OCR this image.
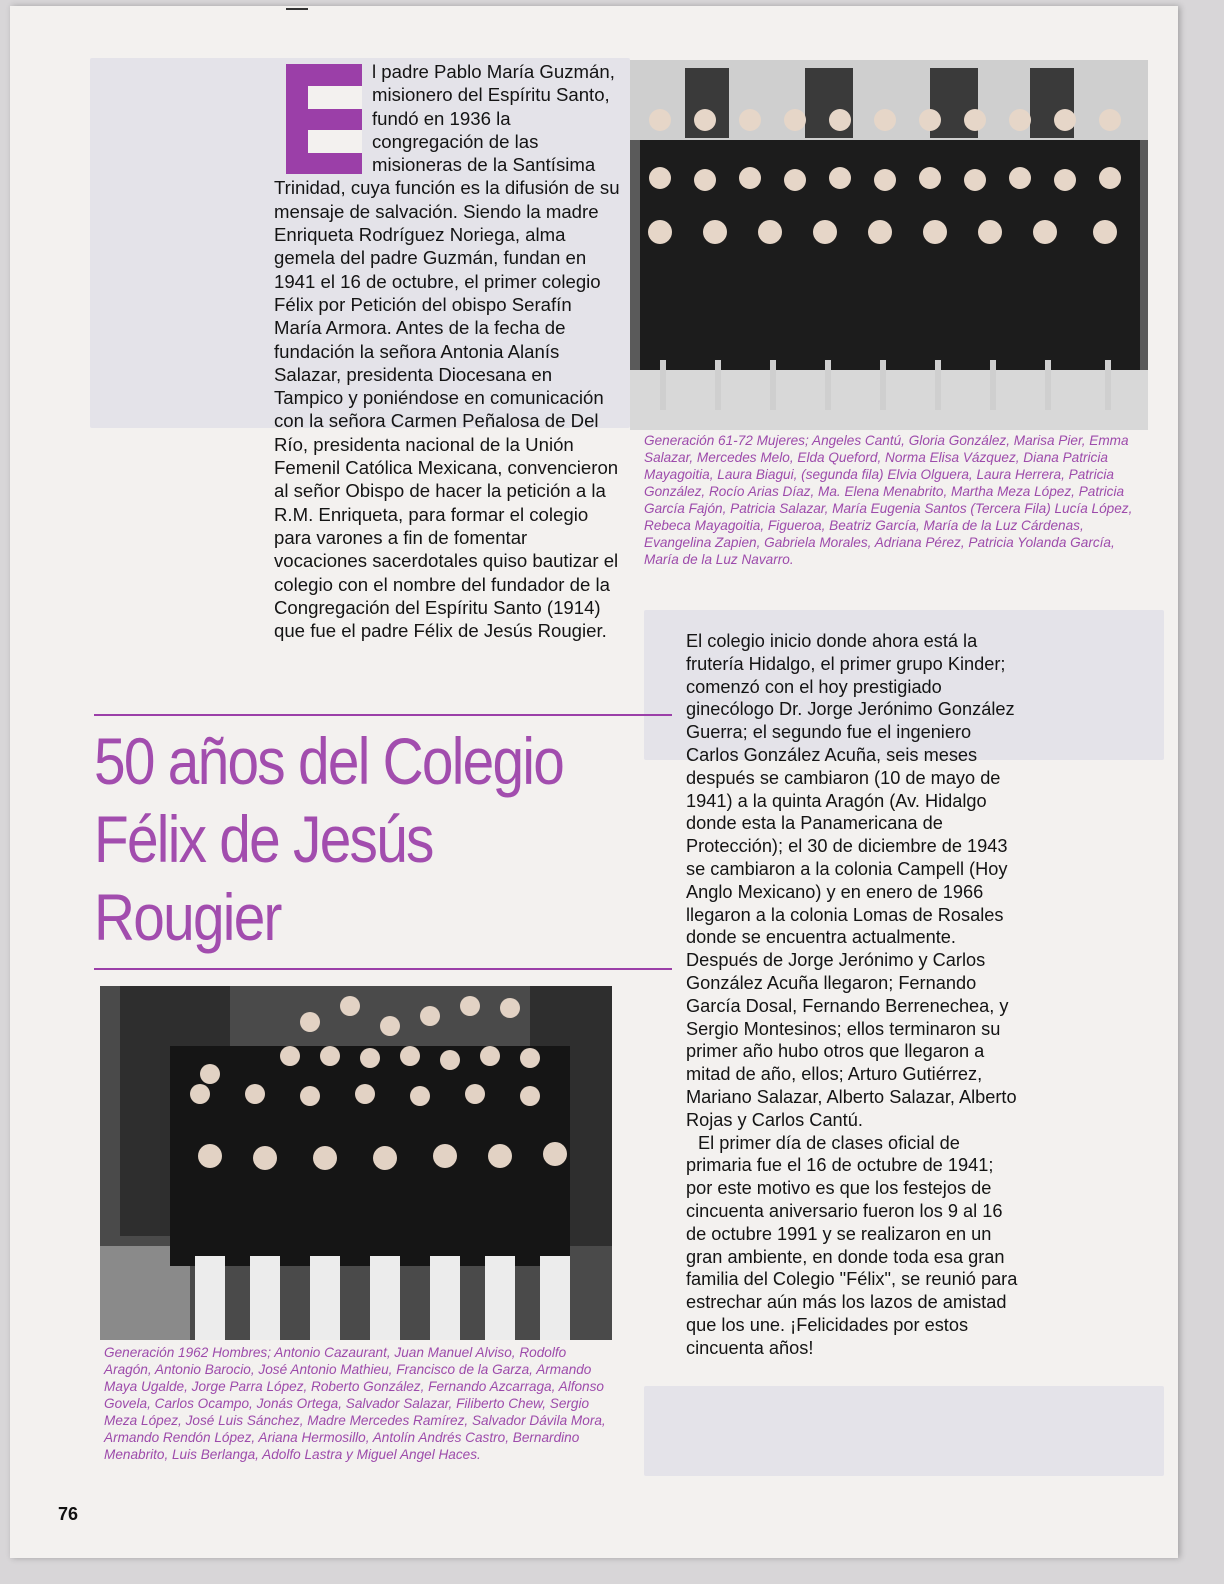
l padre Pablo María Guzmán, misionero del Espíritu Santo, fundó en 1936 la congregación de las misioneras de la Santísima Trinidad, cuya función es la difusión de su mensaje de salvación. Siendo la madre Enriqueta Rodríguez Noriega, alma gemela del padre Guzmán, fundan en 1941 el 16 de octubre, el primer colegio Félix por Petición del obispo Serafín María Armora. Antes de la fecha de fundación la señora Antonia Alanís Salazar, presidenta Diocesana en Tampico y poniéndose en comunicación con la señora Carmen Peñalosa de Del Río, presidenta nacional de la Unión Femenil Católica Mexicana, convencieron al señor Obispo de hacer la petición a la R.M. Enriqueta, para formar el colegio para varones a fin de fomentar vocaciones sacerdotales quiso bautizar el colegio con el nombre del fundador de la Congregación del Espíritu Santo (1914) que fue el padre Félix de Jesús Rougier.
Generación 61-72 Mujeres; Angeles Cantú, Gloria González, Marisa Pier, Emma Salazar, Mercedes Melo, Elda Queford, Norma Elisa Vázquez, Diana Patricia Mayagoitia, Laura Biagui, (segunda fila) Elvia Olguera, Laura Herrera, Patricia González, Rocío Arias Díaz, Ma. Elena Menabrito, Martha Meza López, Patricia García Fajón, Patricia Salazar, María Eugenia Santos (Tercera Fila) Lucía López, Rebeca Mayagoitia, Figueroa, Beatriz García, María de la Luz Cárdenas, Evangelina Zapien, Gabriela Morales, Adriana Pérez, Patricia Yolanda García, María de la Luz Navarro.
50 años del Colegio
Félix de Jesús
Rougier
Generación 1962 Hombres; Antonio Cazaurant, Juan Manuel Alviso, Rodolfo Aragón, Antonio Barocio, José Antonio Mathieu, Francisco de la Garza, Armando Maya Ugalde, Jorge Parra López, Roberto González, Fernando Azcarraga, Alfonso Govela, Carlos Ocampo, Jonás Ortega, Salvador Salazar, Filiberto Chew, Sergio Meza López, José Luis Sánchez, Madre Mercedes Ramírez, Salvador Dávila Mora, Armando Rendón López, Ariana Hermosillo, Antolín Andrés Castro, Bernardino Menabrito, Luis Berlanga, Adolfo Lastra y Miguel Angel Haces.

El colegio inicio donde ahora está la frutería Hidalgo, el primer grupo Kinder; comenzó con el hoy prestigiado ginecólogo Dr. Jorge Jerónimo González Guerra; el segundo fue el ingeniero Carlos González Acuña, seis meses después se cambiaron (10 de mayo de 1941) a la quinta Aragón (Av. Hidalgo donde esta la Panamericana de Protección); el 30 de diciembre de 1943 se cambiaron a la colonia Campell (Hoy Anglo Mexicano) y en enero de 1966 llegaron a la colonia Lomas de Rosales donde se encuentra actualmente. Después de Jorge Jerónimo y Carlos González Acuña llegaron; Fernando García Dosal, Fernando Berrenechea, y Sergio Montesinos; ellos terminaron su primer año hubo otros que llegaron a mitad de año, ellos; Arturo Gutiérrez, Mariano Salazar, Alberto Salazar, Alberto Rojas y Carlos Cantú.

El primer día de clases oficial de primaria fue el 16 de octubre de 1941; por este motivo es que los festejos de cincuenta aniversario fueron los 9 al 16 de octubre 1991 y se realizaron en un gran ambiente, en donde toda esa gran familia del Colegio "Félix", se reunió para estrechar aún más los lazos de amistad que los une. ¡Felicidades por estos cincuenta años!

76
